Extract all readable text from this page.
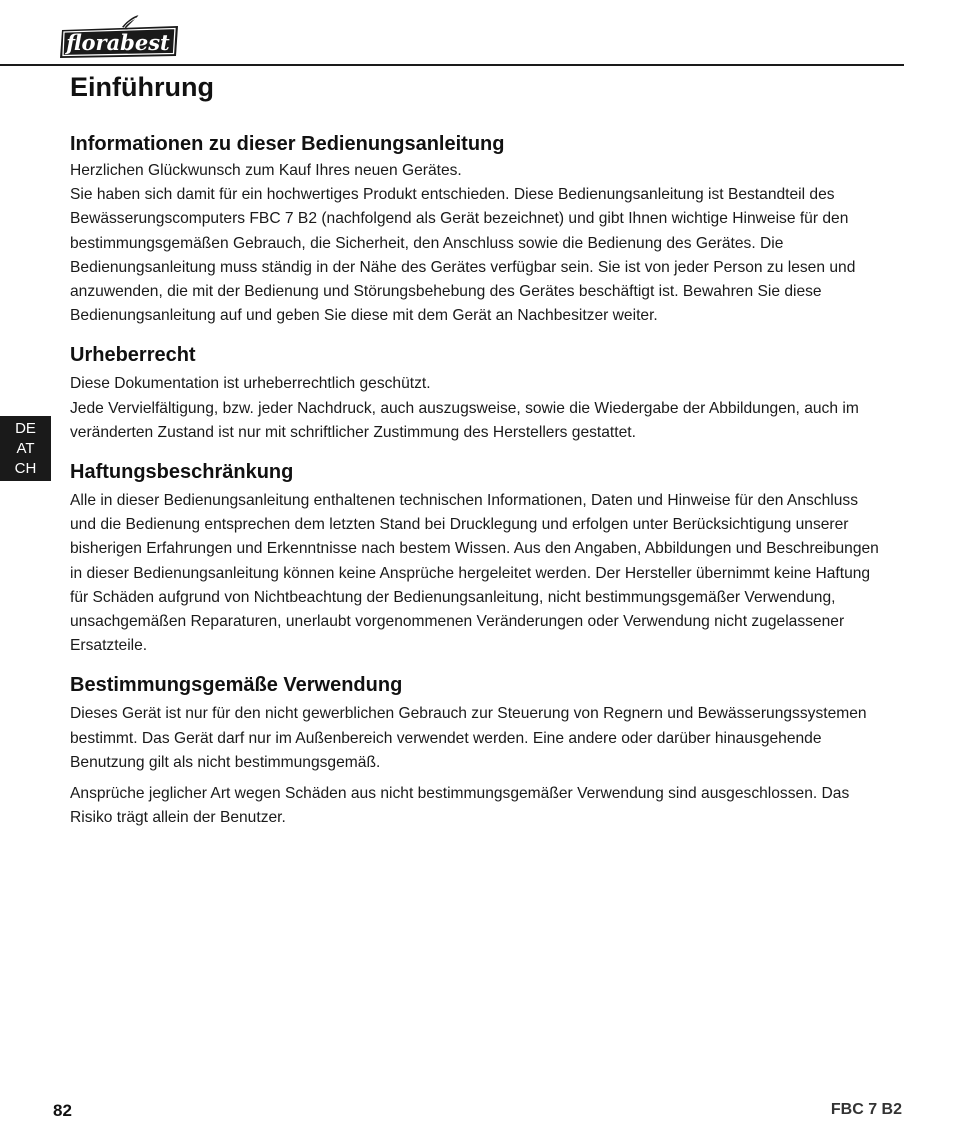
florabest
Einführung
DE
AT
CH
Informationen zu dieser Bedienungsanleitung

Herzlichen Glückwunsch zum Kauf Ihres neuen Gerätes.

Sie haben sich damit für ein hochwertiges Produkt entschieden. Diese Bedienungsanleitung ist Bestandteil des Bewässerungscomputers FBC 7 B2 (nachfolgend als Gerät bezeichnet) und gibt Ihnen wichtige Hinweise für den bestimmungsgemäßen Gebrauch, die Sicherheit, den Anschluss sowie die Bedienung des Gerätes. Die Bedienungsanleitung muss ständig in der Nähe des Gerätes verfügbar sein. Sie ist von jeder Person zu lesen und anzuwenden, die mit der Bedienung und Störungsbehebung des Gerätes beschäftigt ist. Bewahren Sie diese Bedienungsanleitung auf und geben Sie diese mit dem Gerät an Nachbesitzer weiter.

Urheberrecht

Diese Dokumentation ist urheberrechtlich geschützt.

Jede Vervielfältigung, bzw. jeder Nachdruck, auch auszugsweise, sowie die Wiedergabe der Abbildungen, auch im veränderten Zustand ist nur mit schriftlicher Zustimmung des Herstellers gestattet.

Haftungsbeschränkung

Alle in dieser Bedienungsanleitung enthaltenen technischen Informationen, Daten und Hinweise für den Anschluss und die Bedienung entsprechen dem letzten Stand bei Drucklegung und erfolgen unter Berücksichtigung unserer bisherigen Erfahrungen und Erkenntnisse nach bestem Wissen. Aus den Angaben, Abbildungen und Beschreibungen in dieser Bedienungsanleitung können keine Ansprüche hergeleitet werden. Der Hersteller übernimmt keine Haftung für Schäden aufgrund von Nichtbeachtung der Bedienungsanleitung, nicht bestimmungsgemäßer Verwendung, unsachgemäßen Reparaturen, unerlaubt vorgenommenen Veränderungen oder Verwendung nicht zugelassener Ersatzteile.

Bestimmungsgemäße Verwendung

Dieses Gerät ist nur für den nicht gewerblichen Gebrauch zur Steuerung von Regnern und Bewässerungssystemen bestimmt. Das Gerät darf nur im Außenbereich verwendet werden. Eine andere oder darüber hinausgehende Benutzung gilt als nicht bestimmungsgemäß.

Ansprüche jeglicher Art wegen Schäden aus nicht bestimmungsgemäßer Verwendung sind ausgeschlossen. Das Risiko trägt allein der Benutzer.

82	FBC 7 B2
